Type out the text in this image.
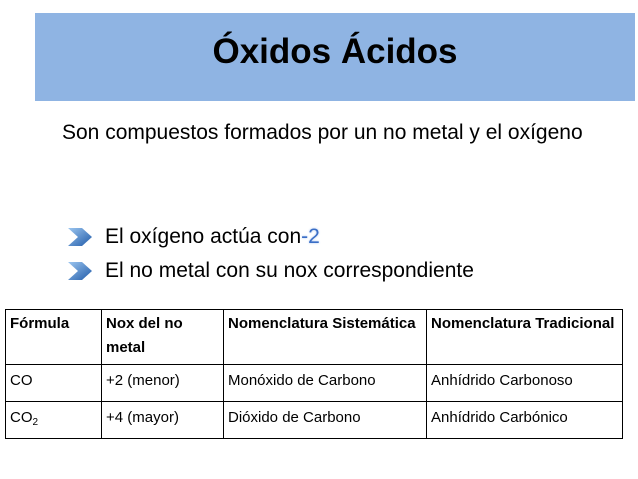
Óxidos Ácidos
Son compuestos formados por un no metal y el oxígeno
El oxígeno actúa con -2
El no metal con su nox correspondiente
Fórmula	Nox del no metal	Nomenclatura Sistemática	Nomenclatura Tradicional
CO	+2 (menor)	Monóxido de Carbono	Anhídrido Carbonoso
$CO_2$	+4 (mayor)	Dióxido de Carbono	Anhídrido Carbónico
